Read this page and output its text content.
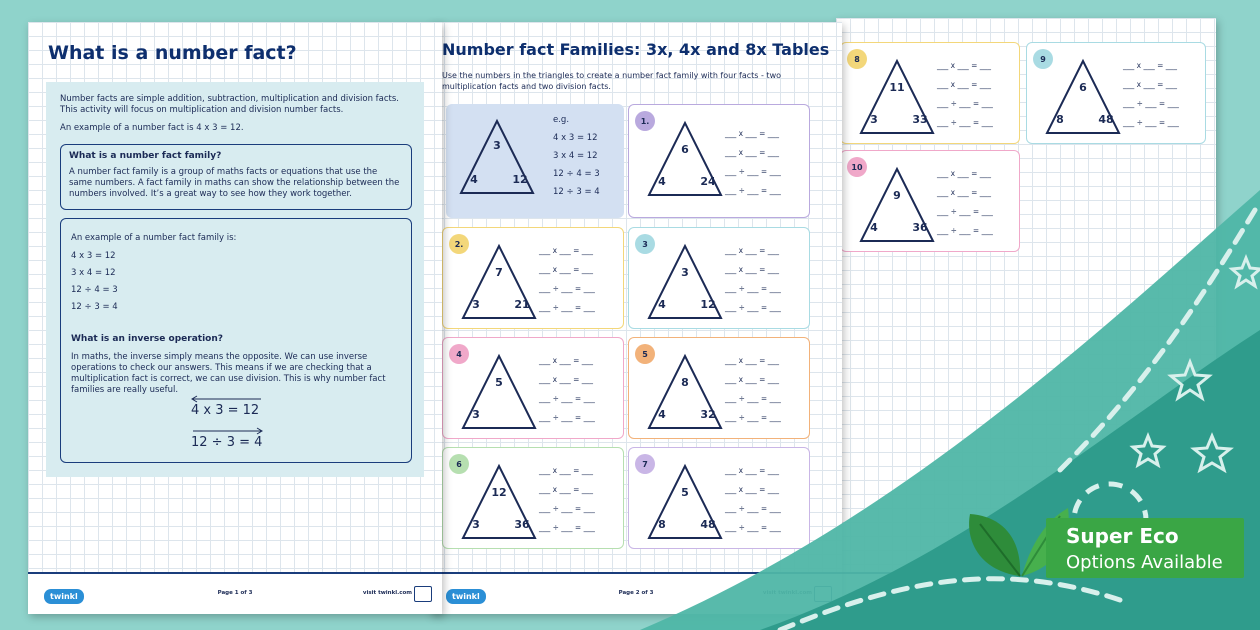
What is a number fact?
Number facts are simple addition, subtraction, multiplication and division facts. This activity will focus on multiplication and division number facts.
An example of a number fact is 4 x 3 = 12.
What is a number fact family?
A number fact family is a group of maths facts or equations that use the same numbers. A fact family in maths can show the relationship between the numbers involved. It’s a great way to see how they work together.
An example of a number fact family is:
4 x 3 = 12
3 x 4 = 12
12 ÷ 4 = 3
12 ÷ 3 = 4
What is an inverse operation?
In maths, the inverse simply means the opposite. We can use inverse operations to check our answers. This means if we are checking that a multiplication fact is correct, we can use division. This is why number fact families are really useful.
4 x 3 = 12
12 ÷ 3 = 4
twinkl	Page 1 of 3	visit twinkl.com
Number fact Families: 3x, 4x and 8x Tables
Use the numbers in the triangles to create a number fact family with four facts - two multiplication facts and two division facts.
3
4	12
e.g.
4 x 3 = 12
3 x 4 = 12
12 ÷ 4 = 3
12 ÷ 3 = 4
1.
6
4	24
___ x ___ = ___
___ x ___ = ___
___ ÷ ___ = ___
___ ÷ ___ = ___
2.
7
3	21
___ x ___ = ___
___ x ___ = ___
___ ÷ ___ = ___
___ ÷ ___ = ___
3
3
4	12
___ x ___ = ___
___ x ___ = ___
___ ÷ ___ = ___
___ ÷ ___ = ___
4
5
3
___ x ___ = ___
___ x ___ = ___
___ ÷ ___ = ___
___ ÷ ___ = ___
5
8
4	32
___ x ___ = ___
___ x ___ = ___
___ ÷ ___ = ___
___ ÷ ___ = ___
6
12
3	36
___ x ___ = ___
___ x ___ = ___
___ ÷ ___ = ___
___ ÷ ___ = ___
7
5
8	48
___ x ___ = ___
___ x ___ = ___
___ ÷ ___ = ___
___ ÷ ___ = ___
twinkl	Page 2 of 3
8
11
3	33
___ x ___ = ___
___ x ___ = ___
___ ÷ ___ = ___
___ ÷ ___ = ___
9
6
8	48
___ x ___ = ___
___ x ___ = ___
___ ÷ ___ = ___
___ ÷ ___ = ___
10
9
4	36
___ x ___ = ___
___ x ___ = ___
___ ÷ ___ = ___
___ ÷ ___ = ___
Super Eco
Options Available
